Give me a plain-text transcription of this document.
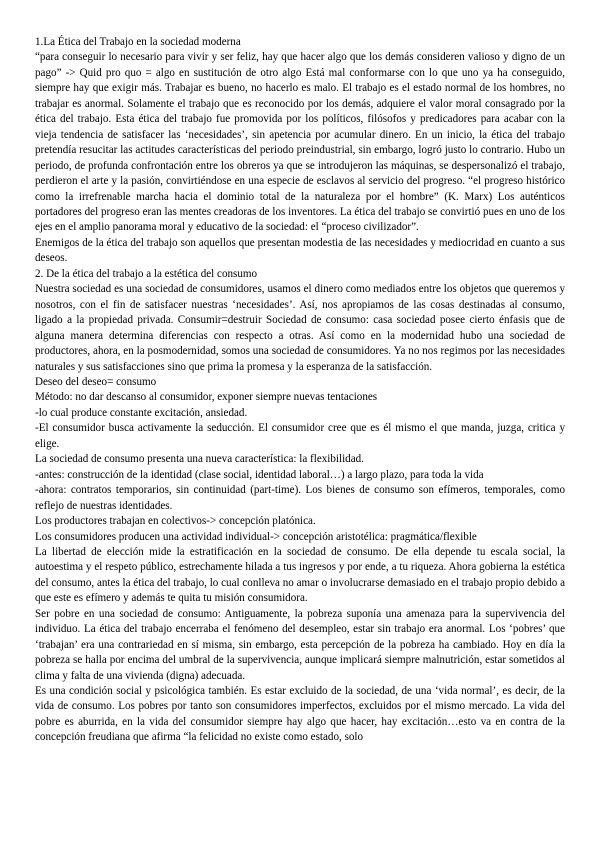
1.La Ética del Trabajo en la sociedad moderna
“para conseguir lo necesario para vivir y ser feliz, hay que hacer algo que los demás consideren valioso y digno de un pago” -> Quid pro quo = algo en sustitución de otro algo Está mal conformarse con lo que uno ya ha conseguido, siempre hay que exigir más. Trabajar es bueno, no hacerlo es malo. El trabajo es el estado normal de los hombres, no trabajar es anormal. Solamente el trabajo que es reconocido por los demás, adquiere el valor moral consagrado por la ética del trabajo. Esta ética del trabajo fue promovida por los políticos, filósofos y predicadores para acabar con la vieja tendencia de satisfacer las ‘necesidades’, sin apetencia por acumular dinero. En un inicio, la ética del trabajo pretendía resucitar las actitudes características del periodo preindustrial, sin embargo, logró justo lo contrario. Hubo un periodo, de profunda confrontación entre los obreros ya que se introdujeron las máquinas, se despersonalizó el trabajo, perdieron el arte y la pasión, convirtiéndose en una especie de esclavos al servicio del progreso. “el progreso histórico como la irrefrenable marcha hacia el dominio total de la naturaleza por el hombre” (K. Marx) Los auténticos portadores del progreso eran las mentes creadoras de los inventores. La ética del trabajo se convirtió pues en uno de los ejes en el amplio panorama moral y educativo de la sociedad: el “proceso civilizador”.
Enemigos de la ética del trabajo son aquellos que presentan modestia de las necesidades y mediocridad en cuanto a sus deseos.
2. De la ética del trabajo a la estética del consumo
Nuestra sociedad es una sociedad de consumidores, usamos el dinero como mediados entre los objetos que queremos y nosotros, con el fin de satisfacer nuestras ‘necesidades’. Así, nos apropiamos de las cosas destinadas al consumo, ligado a la propiedad privada. Consumir=destruir Sociedad de consumo: casa sociedad posee cierto énfasis que de alguna manera determina diferencias con respecto a otras. Así como en la modernidad hubo una sociedad de productores, ahora, en la posmodernidad, somos una sociedad de consumidores. Ya no nos regimos por las necesidades naturales y sus satisfacciones sino que prima la promesa y la esperanza de la satisfacción.
Deseo del deseo= consumo
Método: no dar descanso al consumidor, exponer siempre nuevas tentaciones
-lo cual produce constante excitación, ansiedad.
-El consumidor busca activamente la seducción. El consumidor cree que es él mismo el que manda, juzga, critica y elige.
La sociedad de consumo presenta una nueva característica: la flexibilidad.
-antes: construcción de la identidad (clase social, identidad laboral…) a largo plazo, para toda la vida
-ahora: contratos temporarios, sin continuidad (part-time). Los bienes de consumo son efímeros, temporales, como reflejo de nuestras identidades.
Los productores trabajan en colectivos-> concepción platónica.
Los consumidores producen una actividad individual-> concepción aristotélica: pragmática/flexible
La libertad de elección mide la estratificación en la sociedad de consumo. De ella depende tu escala social, la autoestima y el respeto público, estrechamente hilada a tus ingresos y por ende, a tu riqueza. Ahora gobierna la estética del consumo, antes la ética del trabajo, lo cual conlleva no amar o involucrarse demasiado en el trabajo propio debido a que este es efímero y además te quita tu misión consumidora.
Ser pobre en una sociedad de consumo: Antiguamente, la pobreza suponía una amenaza para la supervivencia del individuo. La ética del trabajo encerraba el fenómeno del desempleo, estar sin trabajo era anormal. Los ‘pobres’ que ‘trabajan’ era una contrariedad en sí misma, sin embargo, esta percepción de la pobreza ha cambiado. Hoy en día la pobreza se halla por encima del umbral de la supervivencia, aunque implicará siempre malnutrición, estar sometidos al clima y falta de una vivienda (digna) adecuada.
Es una condición social y psicológica también. Es estar excluido de la sociedad, de una ‘vida normal’, es decir, de la vida de consumo. Los pobres por tanto son consumidores imperfectos, excluidos por el mismo mercado. La vida del pobre es aburrida, en la vida del consumidor siempre hay algo que hacer, hay excitación…esto va en contra de la concepción freudiana que afirma “la felicidad no existe como estado, solo
